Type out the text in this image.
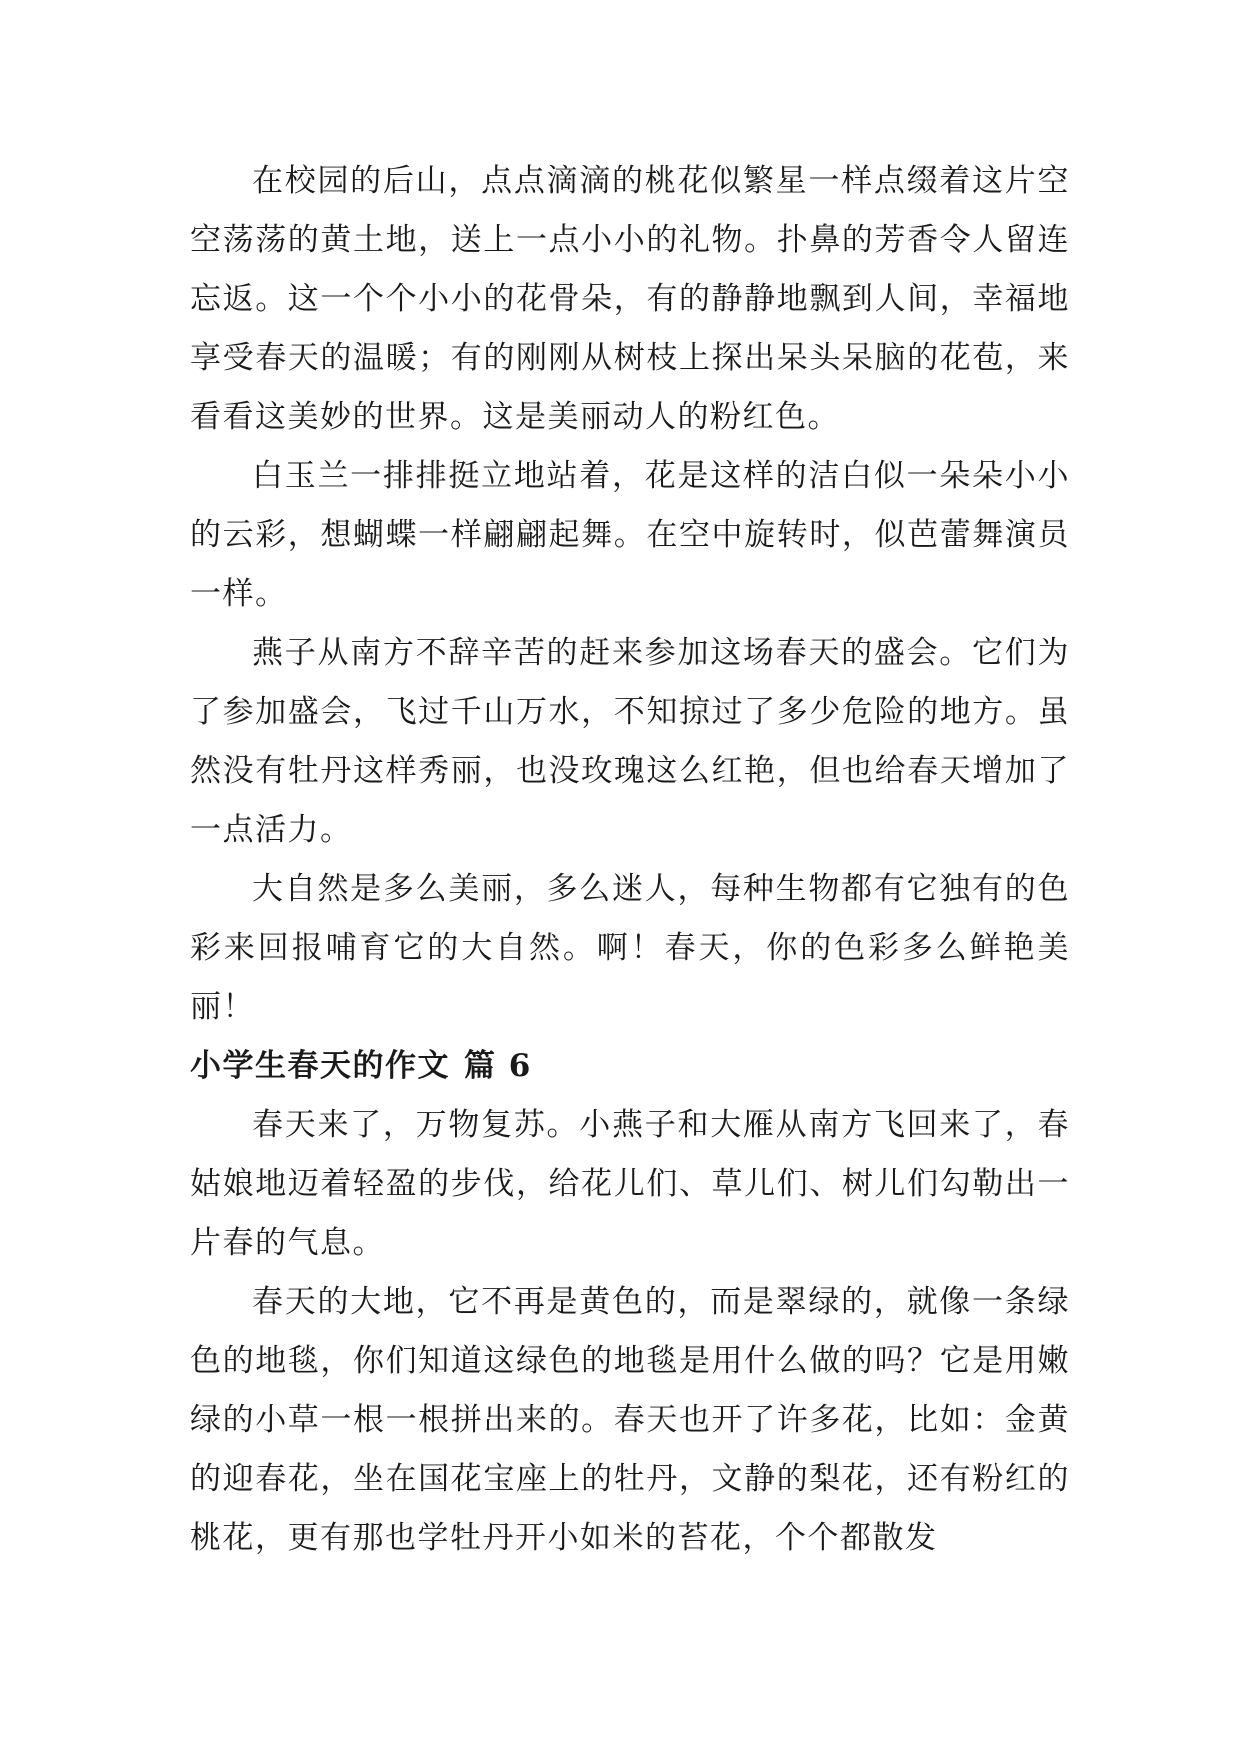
在校园的后山，点点滴滴的桃花似繁星一样点缀着这片空空荡荡的黄土地，送上一点小小的礼物。扑鼻的芳香令人留连忘返。这一个个小小的花骨朵，有的静静地飘到人间，幸福地享受春天的温暖；有的刚刚从树枝上探出呆头呆脑的花苞，来看看这美妙的世界。这是美丽动人的粉红色。

白玉兰一排排挺立地站着，花是这样的洁白似一朵朵小小的云彩，想蝴蝶一样翩翩起舞。在空中旋转时，似芭蕾舞演员一样。

燕子从南方不辞辛苦的赶来参加这场春天的盛会。它们为了参加盛会，飞过千山万水，不知掠过了多少危险的地方。虽然没有牡丹这样秀丽，也没玫瑰这么红艳，但也给春天增加了一点活力。

大自然是多么美丽，多么迷人，每种生物都有它独有的色彩来回报哺育它的大自然。啊！春天，你的色彩多么鲜艳美丽！

小学生春天的作文 篇 6

春天来了，万物复苏。小燕子和大雁从南方飞回来了，春姑娘地迈着轻盈的步伐，给花儿们、草儿们、树儿们勾勒出一片春的气息。

春天的大地，它不再是黄色的，而是翠绿的，就像一条绿色的地毯，你们知道这绿色的地毯是用什么做的吗？它是用嫩绿的小草一根一根拼出来的。春天也开了许多花，比如：金黄的迎春花，坐在国花宝座上的牡丹，文静的梨花，还有粉红的桃花，更有那也学牡丹开小如米的苔花，个个都散发
